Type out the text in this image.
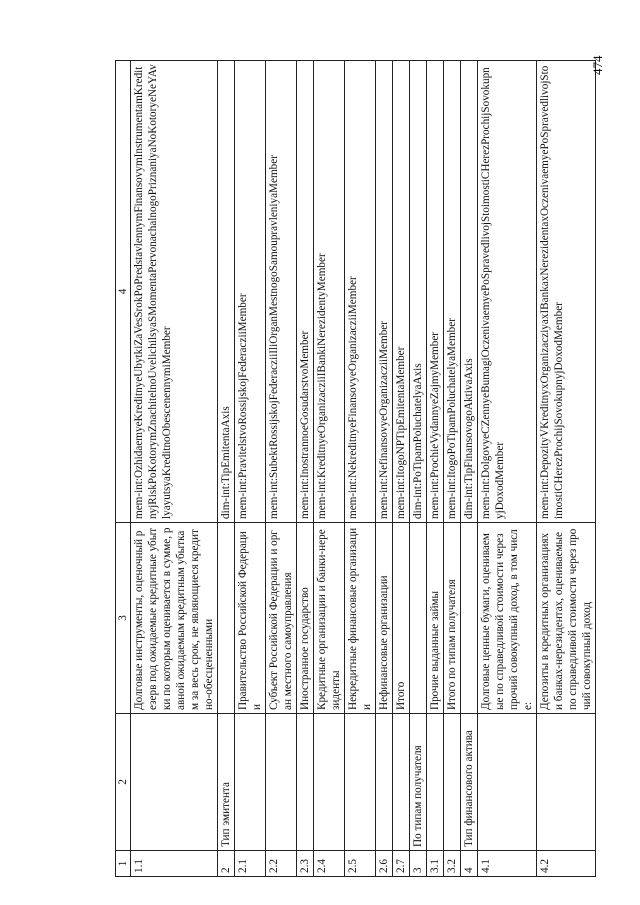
1	2	3	4
1.1		Долговые инструменты, оценочный резерв под ожидаемые кредитные убытки по которым оценивается в сумме, равной ожидаемым кредитным убыткам за весь срок, не являющиеся кредитно-обесцененными	mem-int:OzhidaemyeKreditnyeUbytkiZaVesSrokPoPredstavlennymFinansovymInstrumentamKreditnyjRiskPoKotorymZnachitelnoUvelichilsyaSMomentaPervonachalnogoPriznaniyaNoKotoryeNeYAvlyayutsyaKreditnoObescenennymiMember
2	Тип эмитента		dim-int:TipEmitentaAxis
2.1		Правительство Российской Федерации	mem-int:PravitelstvoRossijskojFederacziiMember
2.2		Субъект Российской Федерации и орган местного самоуправления	mem-int:SubektRossijskojFederacziiIliOrganMestnogoSamoupravleniyaMember
2.3		Иностранное государство	mem-int:InostrannoeGosudarstvoMember
2.4		Кредитные организации и банки-нерезиденты	mem-int:KreditnyeOrganizacziiIBankiNerezidentyMember
2.5		Некредитные финансовые организации	mem-int:NekreditnyeFinansovyeOrganizacziiMember
2.6		Нефинансовые организации	mem-int:NefinansovyeOrganizacziiMember
2.7		Итого	mem-int:ItogoNPTipEmitentaMember
3	По типам получателя		dim-int:PoTipamPoluchatelyaAxis
3.1		Прочие выданные займы	mem-int:ProchieVydannyeZajmyMember
3.2		Итого по типам получателя	mem-int:ItogoPoTipamPoluchatelyaMember
4	Тип финансового актива		dim-int:TipFinansovogoAktivaAxis
4.1		Долговые ценные бумаги, оцениваемые по справедливой стоимости через прочий совокупный доход, в том числе:	mem-int:DolgovyeCZennyeBumagiOczenivaemyePoSpravedlivojStoimostiCHerezProchijSovokupnyjDoxodMember
4.2		Депозиты в кредитных организациях и банках-нерезидентах, оцениваемые по справедливой стоимости через прочий совокупный доход	mem-int:DepozityVKreditnyxOrganizacziyaxIBankaxNerezidentaxOczenivaemyePoSpravedlivojStoimostiCHerezProchijSovokupnyjDoxodMember
474
